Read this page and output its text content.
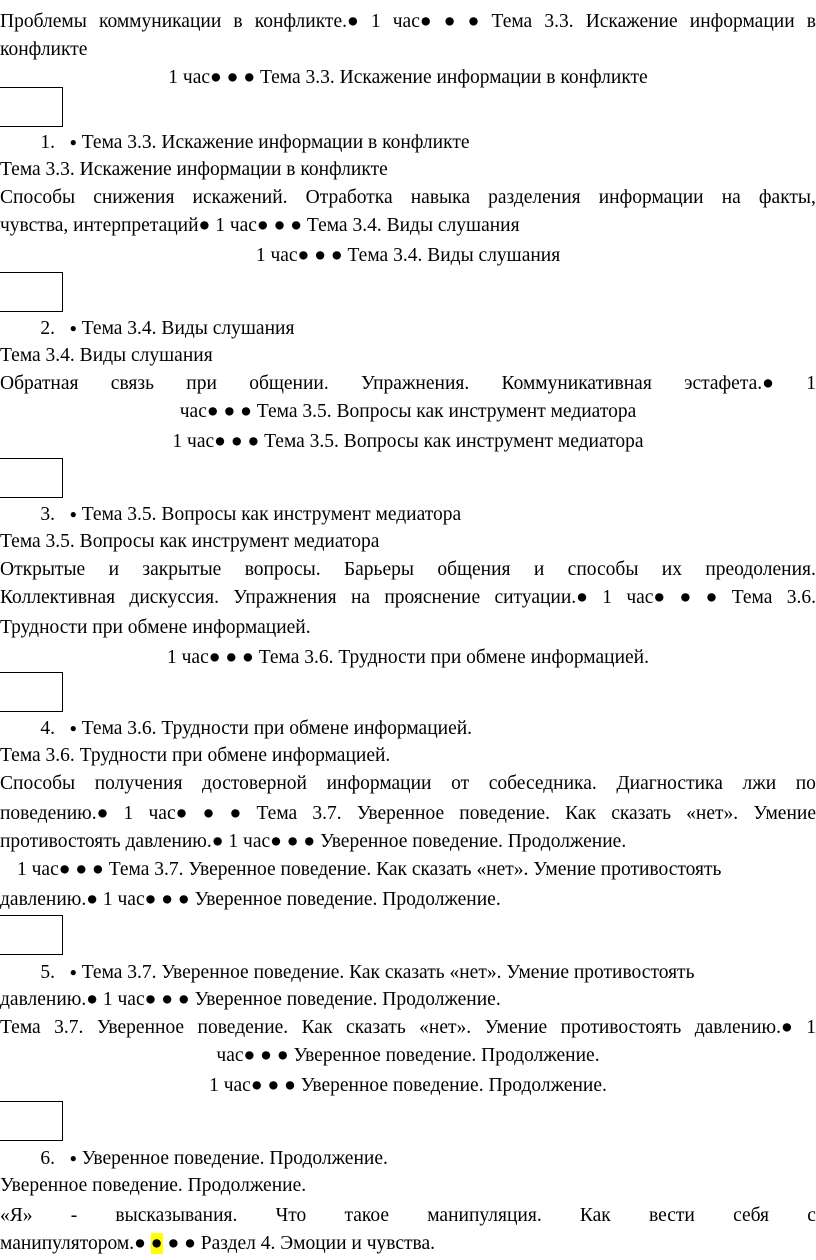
Проблемы коммуникации в конфликте.● 1 час● ● ● Тема 3.3. Искажение информации в
конфликте
1 час● ● ● Тема 3.3. Искажение информации в конфликте
1. ● Тема 3.3. Искажение информации в конфликте
Тема 3.3. Искажение информации в конфликте
Способы снижения искажений. Отработка навыка разделения информации на факты,
чувства, интерпретаций● 1 час● ● ● Тема 3.4. Виды слушания
1 час● ● ● Тема 3.4. Виды слушания
2. ● Тема 3.4. Виды слушания
Тема 3.4. Виды слушания
Обратная связь при общении. Упражнения. Коммуникативная эстафета.● 1
час● ● ● Тема 3.5. Вопросы как инструмент медиатора
1 час● ● ● Тема 3.5. Вопросы как инструмент медиатора
3. ● Тема 3.5. Вопросы как инструмент медиатора
Тема 3.5. Вопросы как инструмент медиатора
Открытые и закрытые вопросы. Барьеры общения и способы их преодоления.
Коллективная дискуссия. Упражнения на прояснение ситуации.● 1 час● ● ● Тема 3.6.
Трудности при обмене информацией.
1 час● ● ● Тема 3.6. Трудности при обмене информацией.
4. ● Тема 3.6. Трудности при обмене информацией.
Тема 3.6. Трудности при обмене информацией.
Способы получения достоверной информации от собеседника. Диагностика лжи по
поведению.● 1 час● ● ● Тема 3.7. Уверенное поведение. Как сказать «нет». Умение
противостоять давлению.● 1 час● ● ● Уверенное поведение. Продолжение.
1 час● ● ● Тема 3.7. Уверенное поведение. Как сказать «нет». Умение противостоять
давлению.● 1 час● ● ● Уверенное поведение. Продолжение.
5. ● Тема 3.7. Уверенное поведение. Как сказать «нет». Умение противостоять
давлению.● 1 час● ● ● Уверенное поведение. Продолжение.
Тема 3.7. Уверенное поведение. Как сказать «нет». Умение противостоять давлению.● 1
час● ● ● Уверенное поведение. Продолжение.
1 час● ● ● Уверенное поведение. Продолжение.
6. ● Уверенное поведение. Продолжение.
Уверенное поведение. Продолжение.
«Я» - высказывания. Что такое манипуляция. Как вести себя с
манипулятором.● ● ● ● Раздел 4. Эмоции и чувства.
